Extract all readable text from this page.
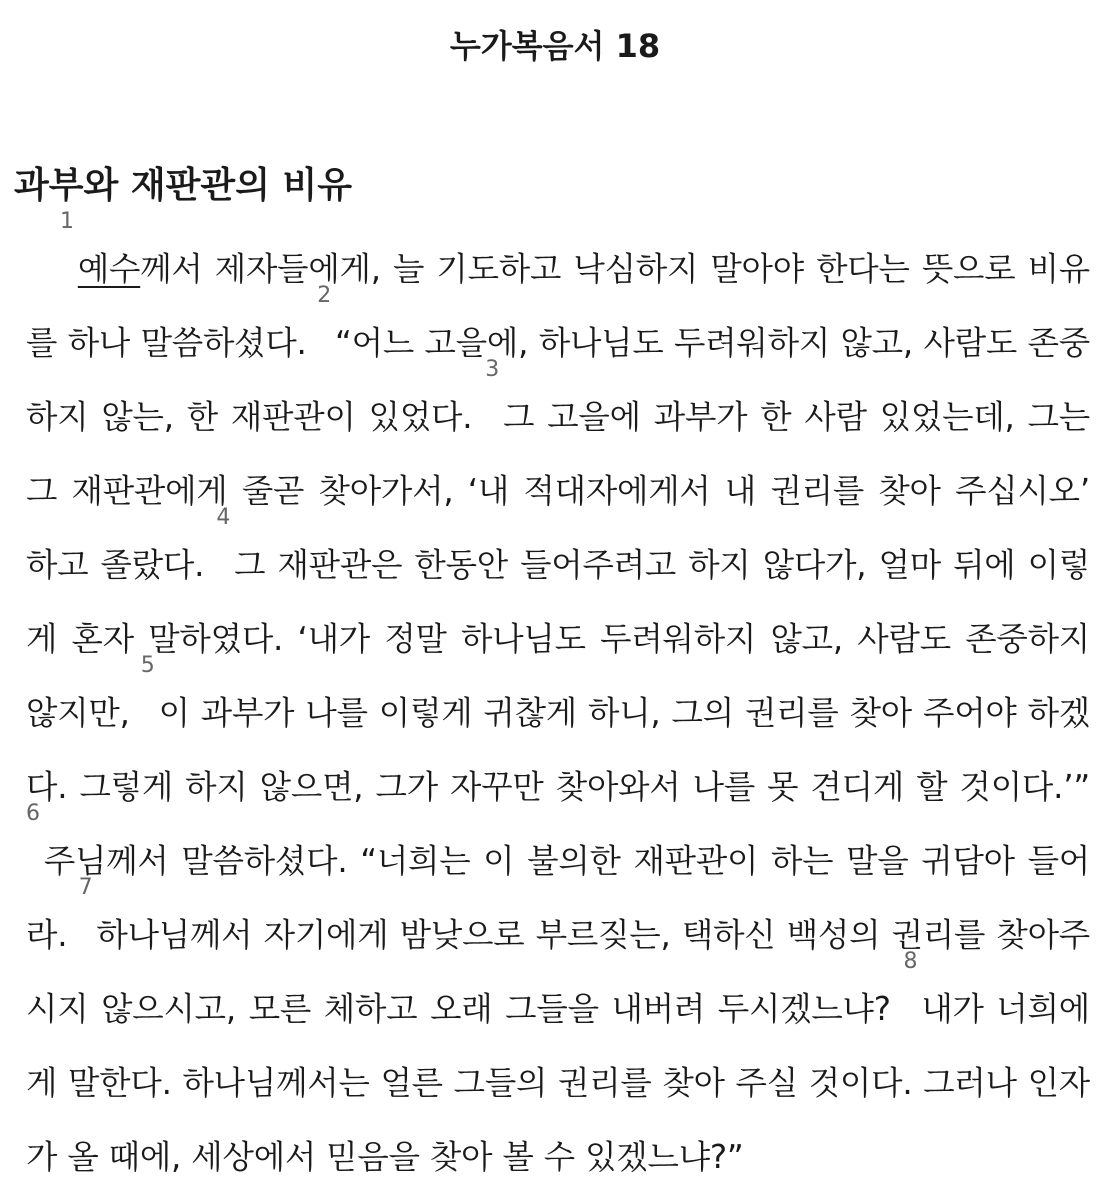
누가복음서 18
과부와 재판관의 비유

$^1$예수께서 제자들에게, 늘 기도하고 낙심하지 말아야 한다는 뜻으로 비유를 하나 말씀하셨다. $^2$“어느 고을에, 하나님도 두려워하지 않고, 사람도 존중하지 않는, 한 재판관이 있었다. $^3$그 고을에 과부가 한 사람 있었는데, 그는 그 재판관에게 줄곧 찾아가서, ‘내 적대자에게서 내 권리를 찾아 주십시오’ 하고 졸랐다. $^4$그 재판관은 한동안 들어주려고 하지 않다가, 얼마 뒤에 이렇게 혼자 말하였다. ‘내가 정말 하나님도 두려워하지 않고, 사람도 존중하지 않지만, $^5$이 과부가 나를 이렇게 귀찮게 하니, 그의 권리를 찾아 주어야 하겠다. 그렇게 하지 않으면, 그가 자꾸만 찾아와서 나를 못 견디게 할 것이다.’” $^6$주님께서 말씀하셨다. “너희는 이 불의한 재판관이 하는 말을 귀담아 들어라. $^7$하나님께서 자기에게 밤낮으로 부르짖는, 택하신 백성의 권리를 찾아주시지 않으시고, 모른 체하고 오래 그들을 내버려 두시겠느냐? $^8$내가 너희에게 말한다. 하나님께서는 얼른 그들의 권리를 찾아 주실 것이다. 그러나 인자가 올 때에, 세상에서 믿음을 찾아 볼 수 있겠느냐?”
